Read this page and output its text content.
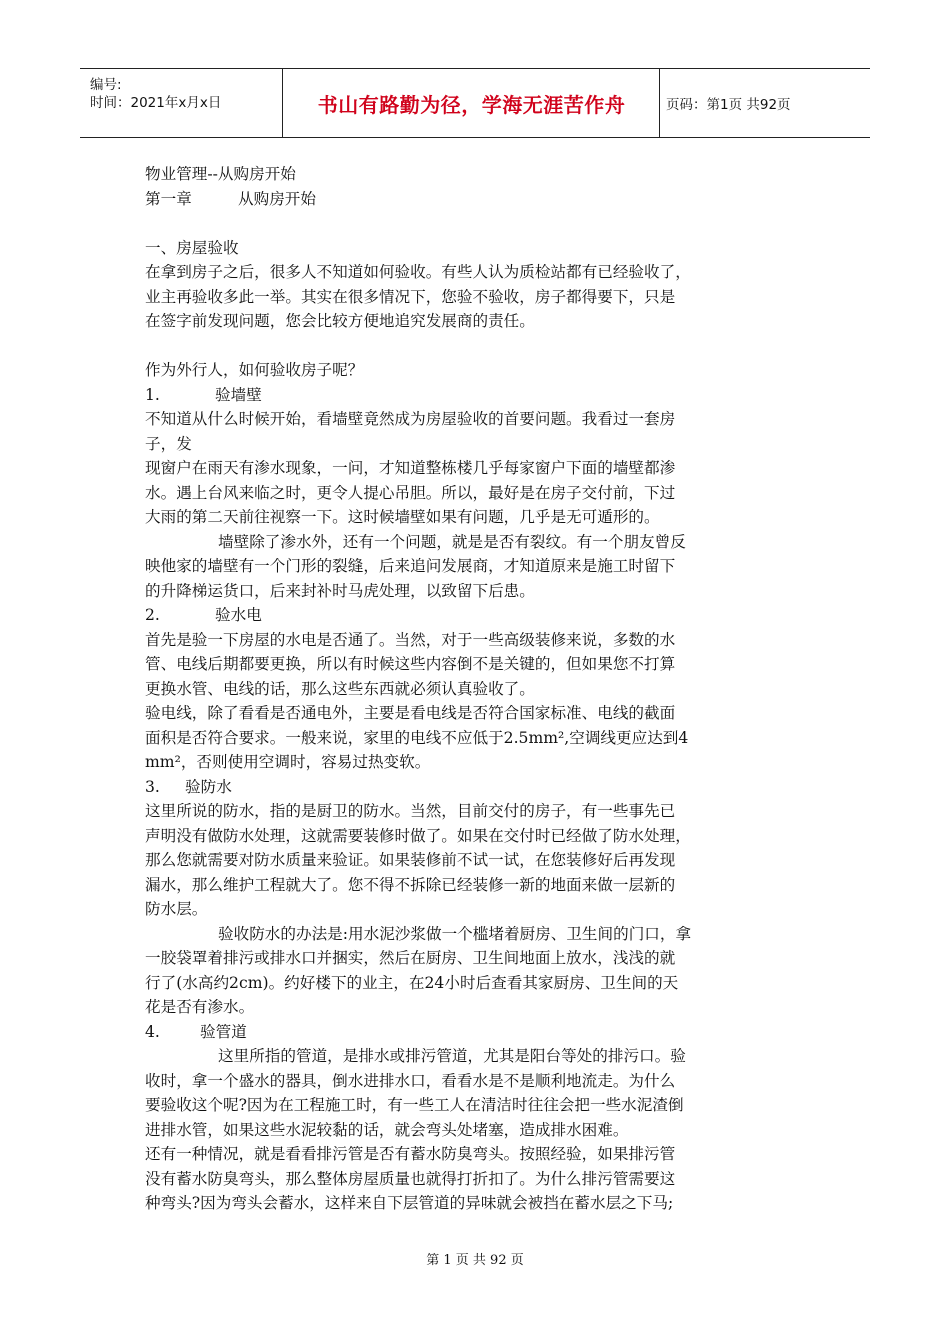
编号:
时间：2021年x月x日	书山有路勤为径，学海无涯苦作舟	页码：第1页 共92页

物业管理--从购房开始

第一章	从购房开始

一、房屋验收

在拿到房子之后，很多人不知道如何验收。有些人认为质检站都有已经验收了，

业主再验收多此一举。其实在很多情况下，您验不验收，房子都得要下，只是

在签字前发现问题，您会比较方便地追究发展商的责任。

作为外行人，如何验收房子呢？

1.	验墙壁

不知道从什么时候开始，看墙壁竟然成为房屋验收的首要问题。我看过一套房

子，发

现窗户在雨天有渗水现象，一问，才知道整栋楼几乎每家窗户下面的墙壁都渗

水。遇上台风来临之时，更令人提心吊胆。所以，最好是在房子交付前，下过

大雨的第二天前往视察一下。这时候墙壁如果有问题，几乎是无可遁形的。

墙壁除了渗水外，还有一个问题，就是是否有裂纹。有一个朋友曾反

映他家的墙壁有一个门形的裂缝，后来追问发展商，才知道原来是施工时留下

的升降梯运货口，后来封补时马虎处理，以致留下后患。

2.	验水电

首先是验一下房屋的水电是否通了。当然，对于一些高级装修来说，多数的水

管、电线后期都要更换，所以有时候这些内容倒不是关键的，但如果您不打算

更换水管、电线的话，那么这些东西就必须认真验收了。

验电线，除了看看是否通电外，主要是看电线是否符合国家标准、电线的截面

面积是否符合要求。一般来说，家里的电线不应低于2.5mm²,空调线更应达到4

mm²，否则使用空调时，容易过热变软。

3. 验防水

这里所说的防水，指的是厨卫的防水。当然，目前交付的房子，有一些事先已

声明没有做防水处理，这就需要装修时做了。如果在交付时已经做了防水处理，

那么您就需要对防水质量来验证。如果装修前不试一试，在您装修好后再发现

漏水，那么维护工程就大了。您不得不拆除已经装修一新的地面来做一层新的

防水层。

验收防水的办法是:用水泥沙浆做一个槛堵着厨房、卫生间的门口，拿

一胶袋罩着排污或排水口并捆实，然后在厨房、卫生间地面上放水，浅浅的就

行了(水高约2cm)。约好楼下的业主，在24小时后查看其家厨房、卫生间的天

花是否有渗水。

4.	验管道

这里所指的管道，是排水或排污管道，尤其是阳台等处的排污口。验

收时，拿一个盛水的器具，倒水进排水口，看看水是不是顺利地流走。为什么

要验收这个呢?因为在工程施工时，有一些工人在清洁时往往会把一些水泥渣倒

进排水管，如果这些水泥较黏的话，就会弯头处堵塞，造成排水困难。

还有一种情况，就是看看排污管是否有蓄水防臭弯头。按照经验，如果排污管

没有蓄水防臭弯头，那么整体房屋质量也就得打折扣了。为什么排污管需要这

种弯头?因为弯头会蓄水，这样来自下层管道的异味就会被挡在蓄水层之下马;

第 1 页 共 92 页
